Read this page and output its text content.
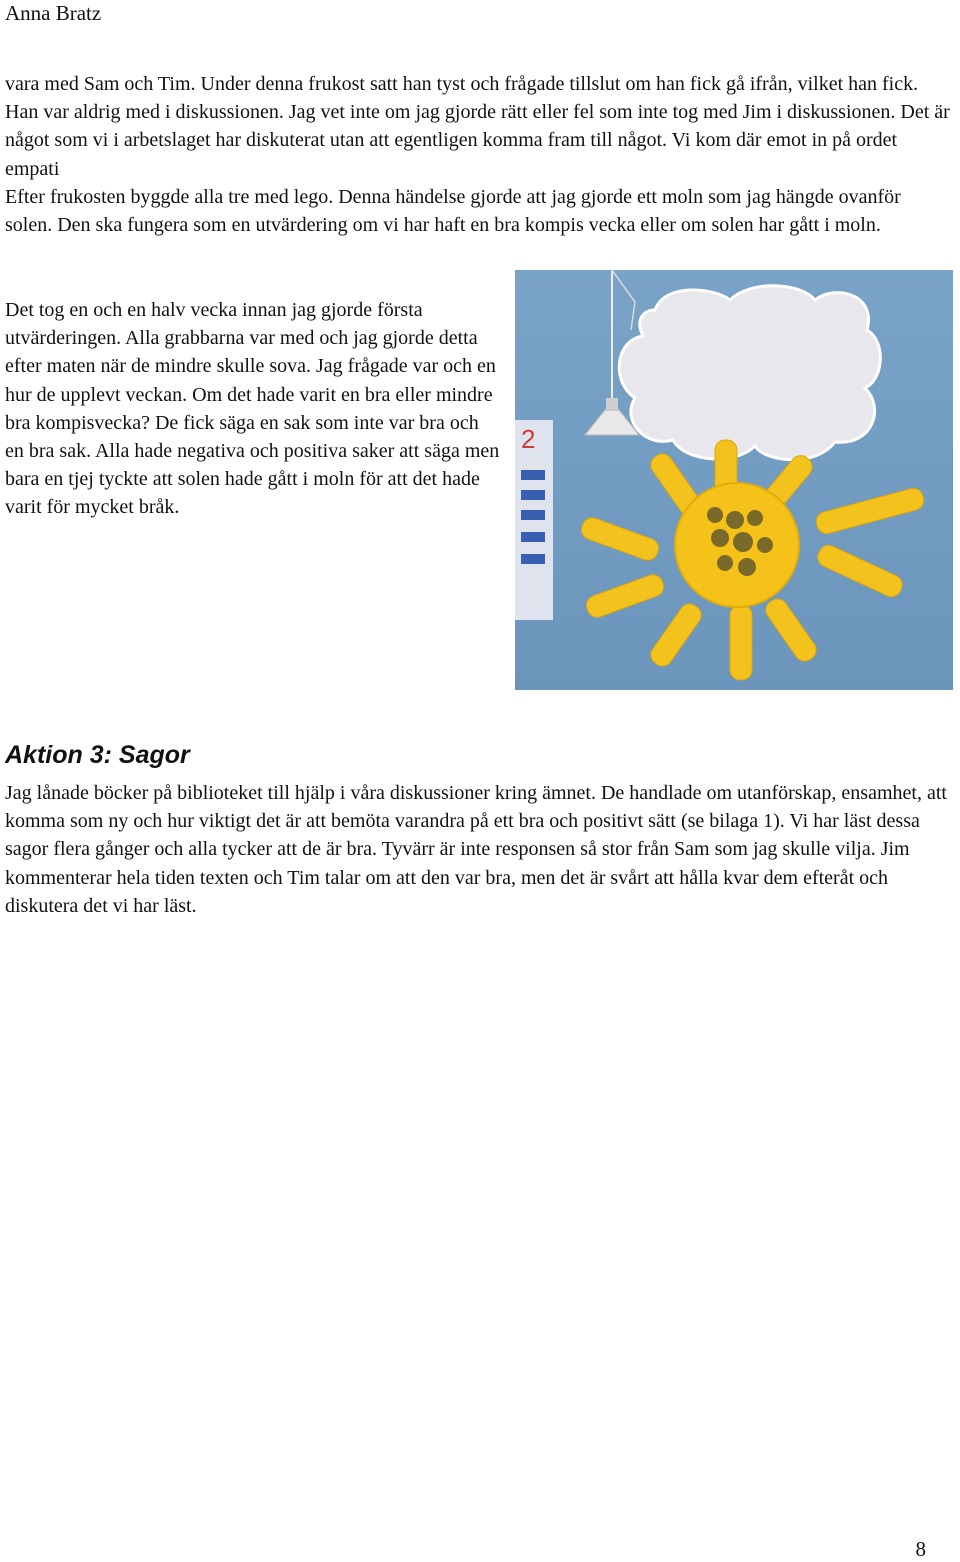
Anna Bratz

vara med Sam och Tim. Under denna frukost satt han tyst och frågade tillslut om han fick gå ifrån, vilket han fick. Han var aldrig med i diskussionen. Jag vet inte om jag gjorde rätt eller fel som inte tog med Jim i diskussionen. Det är något som vi i arbetslaget har diskuterat utan att egentligen komma fram till något. Vi kom där emot in på ordet empati
Efter frukosten byggde alla tre med lego. Denna händelse gjorde att jag gjorde ett moln som jag hängde ovanför solen. Den ska fungera som en utvärdering om vi har haft en bra kompis vecka eller om solen har gått i moln.

Det tog en och en halv vecka innan jag gjorde första utvärderingen. Alla grabbarna var med och jag gjorde detta efter maten när de mindre skulle sova. Jag frågade var och en hur de upplevt veckan. Om det hade varit en bra eller mindre bra kompisvecka? De fick säga en sak som inte var bra och en bra sak. Alla hade negativa och positiva saker att säga men bara en tjej tyckte att solen hade gått i moln för att det hade varit för mycket bråk.

2
Aktion 3: Sagor

Jag lånade böcker på biblioteket till hjälp i våra diskussioner kring ämnet. De handlade om utanförskap, ensamhet, att komma som ny och hur viktigt det är att bemöta varandra på ett bra och positivt sätt (se bilaga 1). Vi har läst dessa sagor flera gånger och alla tycker att de är bra. Tyvärr är inte responsen så stor från Sam som jag skulle vilja. Jim kommenterar hela tiden texten och Tim talar om att den var bra, men det är svårt att hålla kvar dem efteråt och diskutera det vi har läst.

8
